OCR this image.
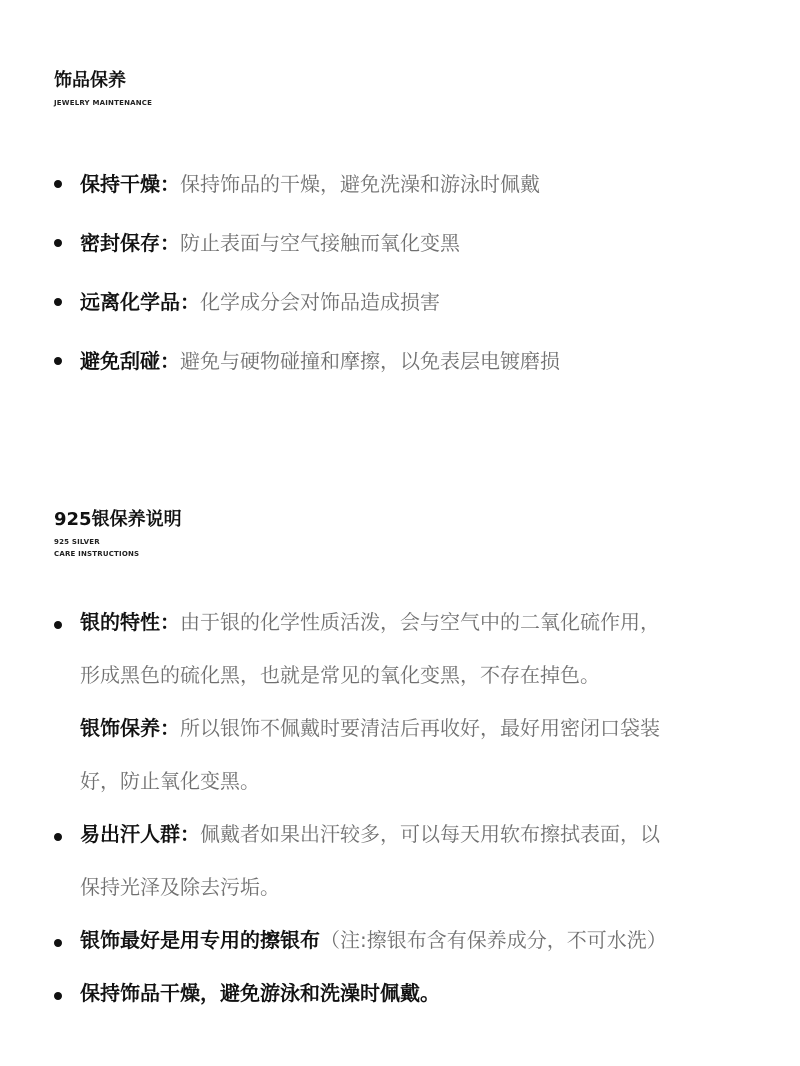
饰品保养
JEWELRY MAINTENANCE
保持干燥：保持饰品的干燥，避免洗澡和游泳时佩戴
密封保存：防止表面与空气接触而氧化变黑
远离化学品：化学成分会对饰品造成损害
避免刮碰：避免与硬物碰撞和摩擦，以免表层电镀磨损
925银保养说明
925 SILVER
CARE INSTRUCTIONS
银的特性：由于银的化学性质活泼，会与空气中的二氧化硫作用，
形成黑色的硫化黑，也就是常见的氧化变黑，不存在掉色。
银饰保养：所以银饰不佩戴时要清洁后再收好，最好用密闭口袋装
好，防止氧化变黑。
易出汗人群：佩戴者如果出汗较多，可以每天用软布擦拭表面，以
保持光泽及除去污垢。
银饰最好是用专用的擦银布（注:擦银布含有保养成分，不可水洗）
保持饰品干燥，避免游泳和洗澡时佩戴。
